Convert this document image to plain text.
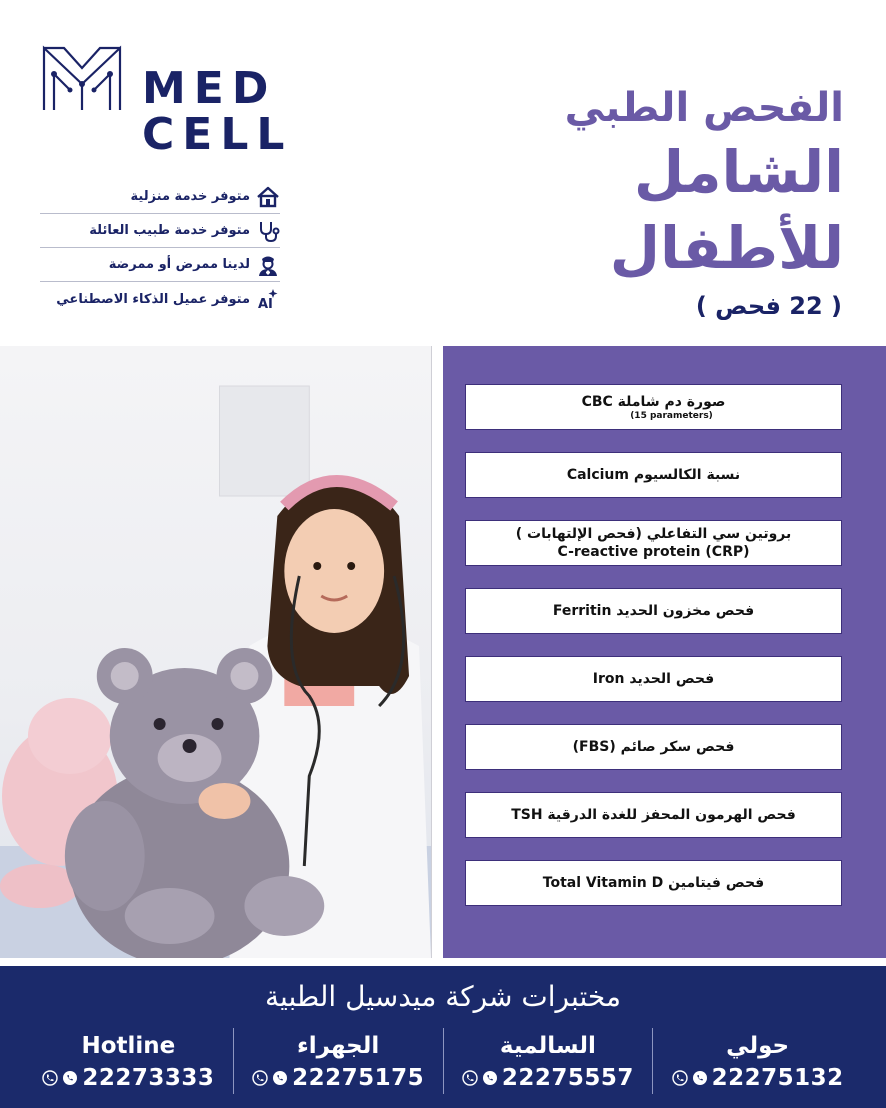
MED
CELL
متوفر خدمة منزلية
متوفر خدمة طبيب العائلة
لدينا ممرض أو ممرضة
متوفر عميل الذكاء الاصطناعي AI
الفحص الطبي
الشامل
للأطفال
( 22 فحص )
صورة دم شاملة CBC
(15 parameters)
نسبة الكالسيوم Calcium
بروتين سي التفاعلي (فحص الإلتهابات )
C-reactive protein (CRP)
فحص مخزون الحديد Ferritin
فحص الحديد Iron
فحص سكر صائم (FBS)
فحص الهرمون المحفز للغدة الدرقية TSH
فحص فيتامين Total Vitamin D
مختبرات شركة ميدسيل الطبية
Hotline
22273333
الجهراء
22275175
السالمية
22275557
حولي
22275132
